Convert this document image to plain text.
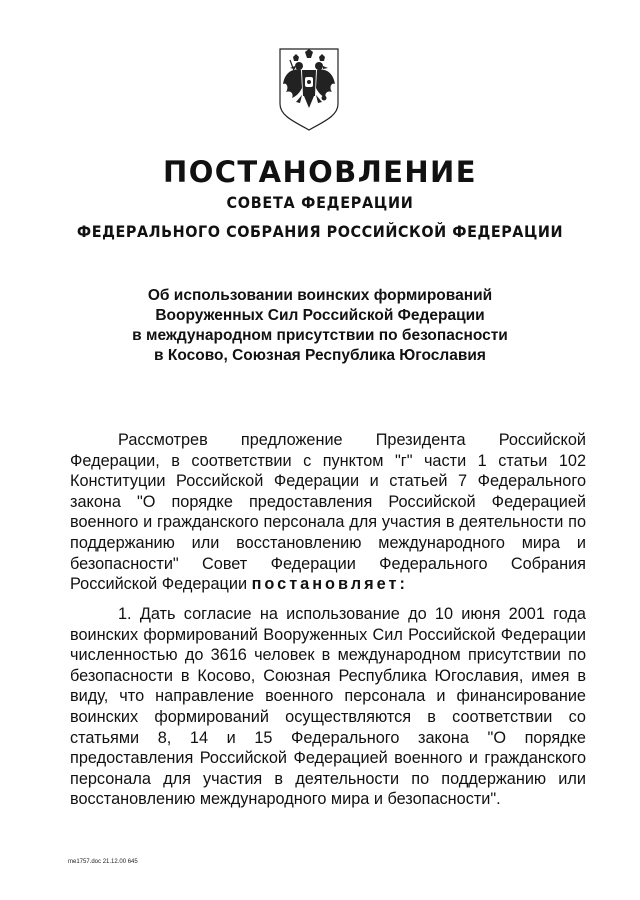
ПОСТАНОВЛЕНИЕ
СОВЕТА ФЕДЕРАЦИИ
ФЕДЕРАЛЬНОГО СОБРАНИЯ РОССИЙСКОЙ ФЕДЕРАЦИИ
Об использовании воинских формирований
Вооруженных Сил Российской Федерации
в международном присутствии по безопасности
в Косово, Союзная Республика Югославия

Рассмотрев предложение Президента Российской Федерации, в соответствии с пунктом "г" части 1 статьи 102 Конституции Российской Федерации и статьей 7 Федерального закона "О порядке предоставления Российской Федерацией военного и гражданского персонала для участия в деятельности по поддержанию или восстановлению международного мира и безопасности" Совет Федерации Федерального Собрания Российской Федерации постановляет:

1. Дать согласие на использование до 10 июня 2001 года воинских формирований Вооруженных Сил Российской Федерации численностью до 3616 человек в международном присутствии по безопасности в Косово, Союзная Республика Югославия, имея в виду, что направление военного персонала и финансирование воинских формирований осуществляются в соответствии со статьями 8, 14 и 15 Федерального закона "О порядке предоставления Российской Федерацией военного и гражданского персонала для участия в деятельности по поддержанию или восстановлению международного мира и безопасности".

me1757.doc 21.12.00 645
